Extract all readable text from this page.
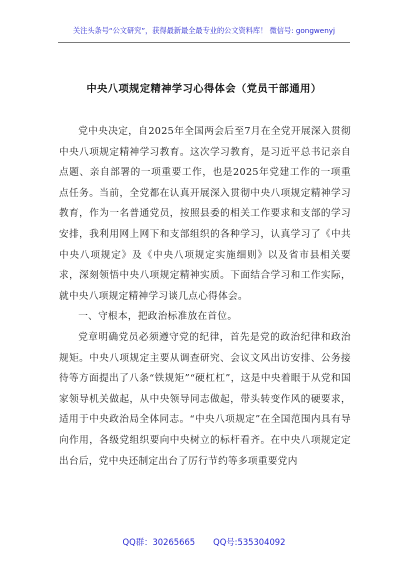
关注头条号“公文研究”，获得最新最全最专业的公文资料库！ 微信号: gongwenyj
中央八项规定精神学习心得体会（党员干部通用）

党中央决定，自2025年全国两会后至7月在全党开展深入贯彻中央八项规定精神学习教育。这次学习教育，是习近平总书记亲自点题、亲自部署的一项重要工作，也是2025年党建工作的一项重点任务。当前，全党都在认真开展深入贯彻中央八项规定精神学习教育，作为一名普通党员，按照县委的相关工作要求和支部的学习安排，我利用网上网下和支部组织的各种学习，认真学习了《中共中央八项规定》及《中央八项规定实施细则》以及省市县相关要求，深刻领悟中央八项规定精神实质。下面结合学习和工作实际，就中央八项规定精神学习谈几点心得体会。

一、守根本，把政治标准放在首位。

党章明确党员必须遵守党的纪律，首先是党的政治纪律和政治规矩。中央八项规定主要从调查研究、会议文风出访安排、公务接待等方面提出了八条“铁规矩”“硬杠杠”，这是中央着眼于从党和国家领导机关做起，从中央领导同志做起，带头转变作风的硬要求，适用于中央政治局全体同志。“中央八项规定”在全国范围内具有导向作用，各级党组织要向中央树立的标杆看齐。在中央八项规定定出台后，党中央还制定出台了厉行节约等多项重要党内

QQ群：30265665 QQ号:535304092
